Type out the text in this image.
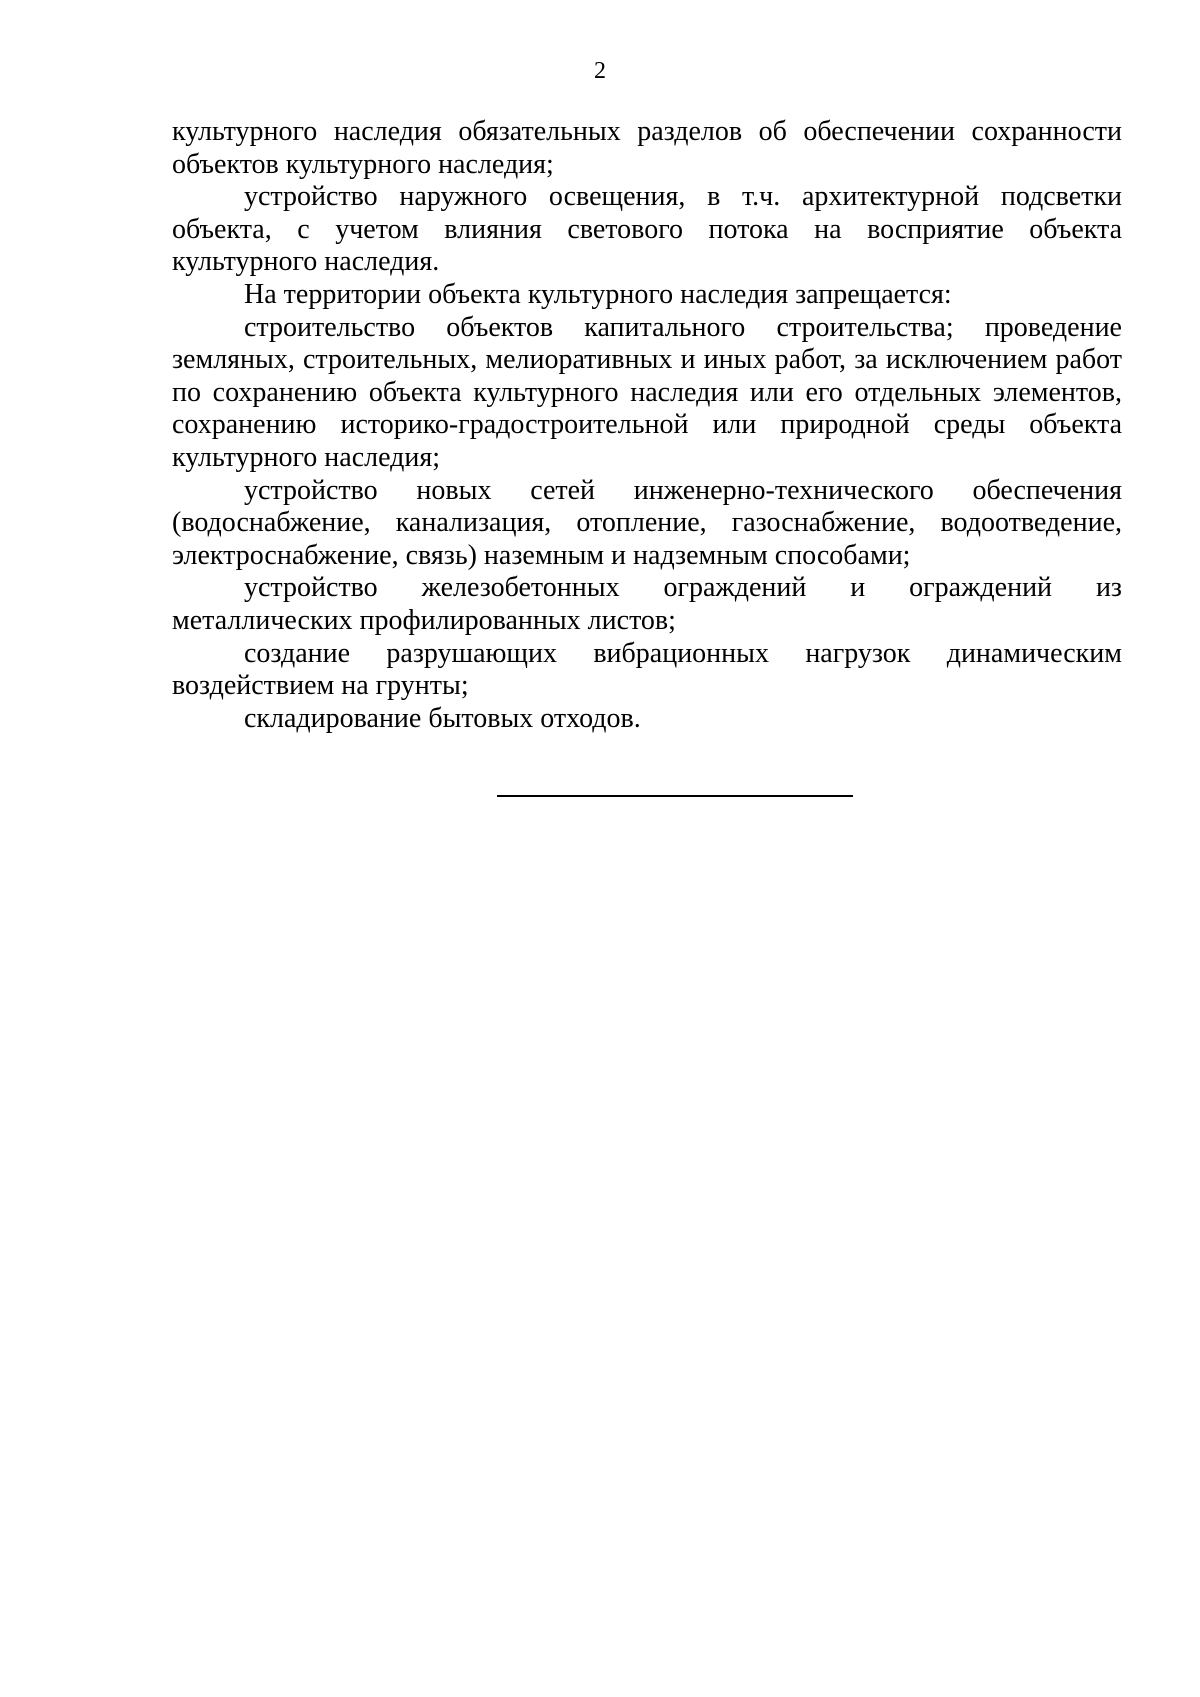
2

культурного наследия обязательных разделов об обеспечении сохранности объектов культурного наследия;

устройство наружного освещения, в т.ч. архитектурной подсветки объекта, с учетом влияния светового потока на восприятие объекта культурного наследия.

На территории объекта культурного наследия запрещается:

строительство объектов капитального строительства; проведение земляных, строительных, мелиоративных и иных работ, за исключением работ по сохранению объекта культурного наследия или его отдельных элементов, сохранению историко-градостроительной или природной среды объекта культурного наследия;

устройство новых сетей инженерно-технического обеспечения (водоснабжение, канализация, отопление, газоснабжение, водоотведение, электроснабжение, связь) наземным и надземным способами;

устройство железобетонных ограждений и ограждений из металлических профилированных листов;

создание разрушающих вибрационных нагрузок динамическим воздействием на грунты;

складирование бытовых отходов.
